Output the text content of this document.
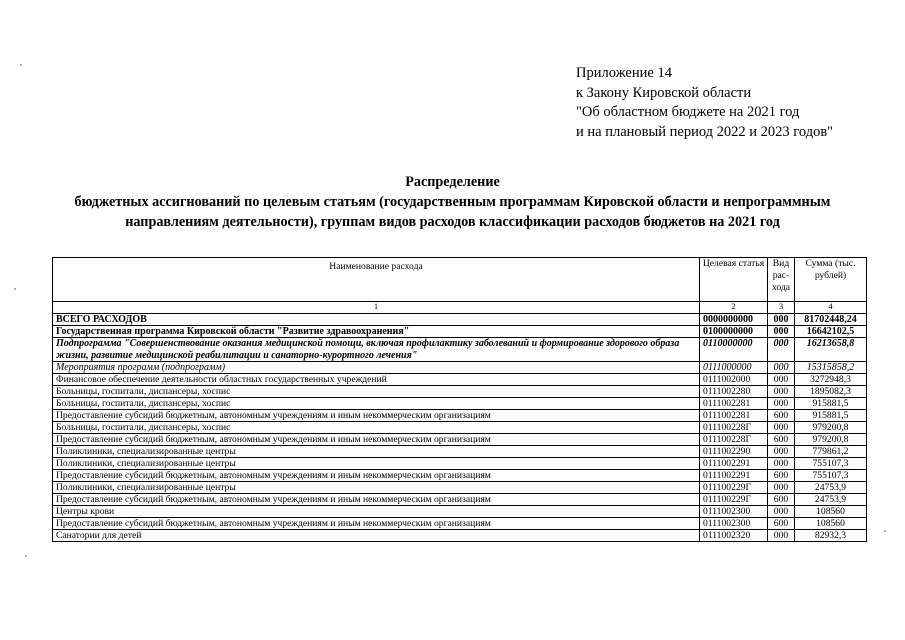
Приложение 14
к Закону Кировской области
"Об областном бюджете на 2021 год
и на плановый период 2022 и 2023 годов"
Распределение
бюджетных ассигнований по целевым статьям (государственным программам Кировской области и непрограммным
направлениям деятельности), группам видов расходов классификации расходов бюджетов на 2021 год
Наименование расхода	Целевая статья	Вид рас-хода	Сумма (тыс. рублей)
1	2	3	4
ВСЕГО РАСХОДОВ	0000000000	000	81702448,24
Государственная программа Кировской области "Развитие здравоохранения"	0100000000	000	16642102,5
Подпрограмма "Совершенствование оказания медицинской помощи, включая профилактику заболеваний и формирование здорового образа жизни, развитие медицинской реабилитации и санаторно-курортного лечения"	0110000000	000	16213658,8
Мероприятия программ (подпрограмм)	0111000000	000	15315858,2
Финансовое обеспечение деятельности областных государственных учреждений	0111002000	000	3272948,3
Больницы, госпитали, диспансеры, хоспис	0111002280	000	1895082,3
Больницы, госпитали, диспансеры, хоспис	0111002281	000	915881,5
Предоставление субсидий бюджетным, автономным учреждениям и иным некоммерческим организациям	0111002281	600	915881,5
Больницы, госпитали, диспансеры, хоспис	011100228Г	000	979200,8
Предоставление субсидий бюджетным, автономным учреждениям и иным некоммерческим организациям	011100228Г	600	979200,8
Поликлиники, специализированные центры	0111002290	000	779861,2
Поликлиники, специализированные центры	0111002291	000	755107,3
Предоставление субсидий бюджетным, автономным учреждениям и иным некоммерческим организациям	0111002291	600	755107,3
Поликлиники, специализированные центры	011100229Г	000	24753,9
Предоставление субсидий бюджетным, автономным учреждениям и иным некоммерческим организациям	011100229Г	600	24753,9
Центры крови	0111002300	000	108560
Предоставление субсидий бюджетным, автономным учреждениям и иным некоммерческим организациям	0111002300	600	108560
Санатории для детей	0111002320	000	82932,3
